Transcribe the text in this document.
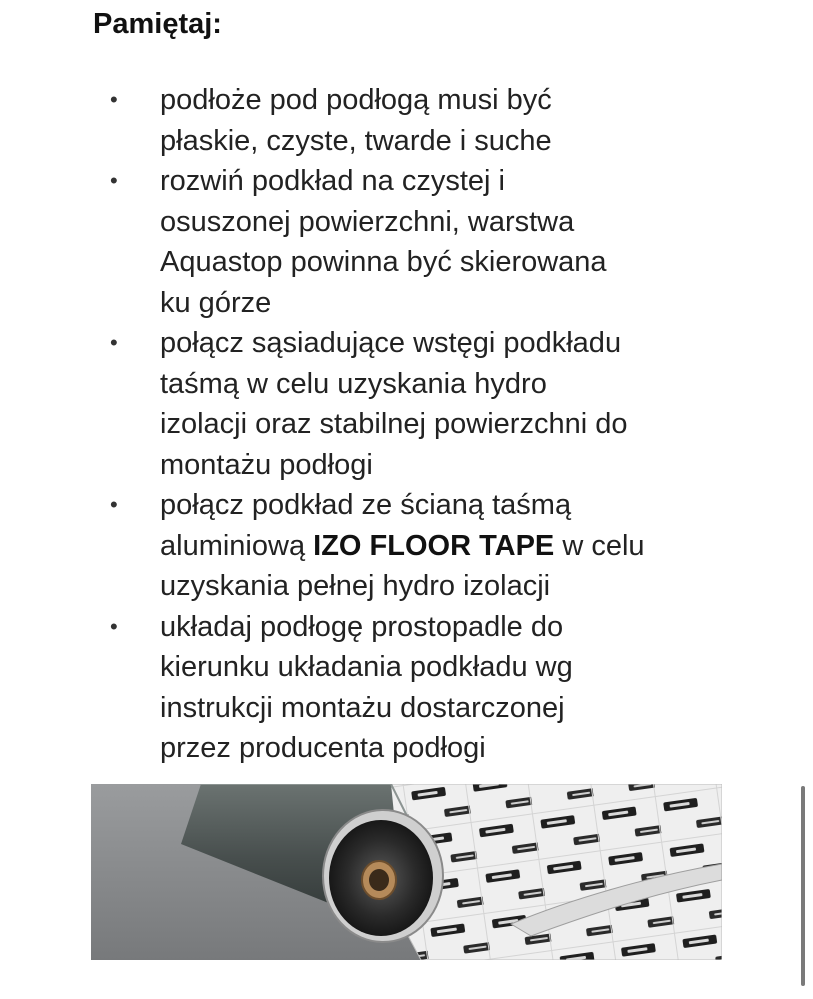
Pamiętaj:
•	podłoże pod podłogą musi być
płaskie, czyste, twarde i suche
•	rozwiń podkład na czystej i
osuszonej powierzchni, warstwa
Aquastop powinna być skierowana
ku górze
•	połącz sąsiadujące wstęgi podkładu
taśmą w celu uzyskania hydro
izolacji oraz stabilnej powierzchni do
montażu podłogi
•	połącz podkład ze ścianą taśmą
aluminiową IZO FLOOR TAPE w celu
uzyskania pełnej hydro izolacji
•	układaj podłogę prostopadle do
kierunku układania podkładu wg
instrukcji montażu dostarczonej
przez producenta podłogi
